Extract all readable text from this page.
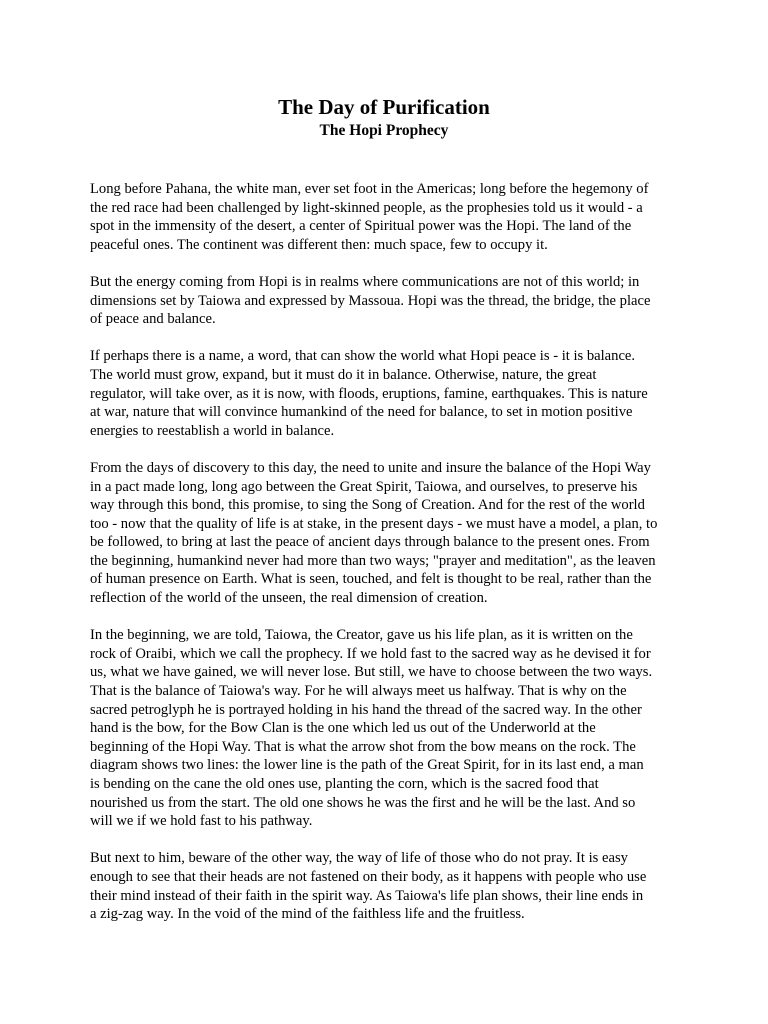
The Day of Purification
The Hopi Prophecy

Long before Pahana, the white man, ever set foot in the Americas; long before the hegemony of
the red race had been challenged by light-skinned people, as the prophesies told us it would - a
spot in the immensity of the desert, a center of Spiritual power was the Hopi. The land of the
peaceful ones. The continent was different then: much space, few to occupy it.

But the energy coming from Hopi is in realms where communications are not of this world; in
dimensions set by Taiowa and expressed by Massoua. Hopi was the thread, the bridge, the place
of peace and balance.

If perhaps there is a name, a word, that can show the world what Hopi peace is - it is balance.
The world must grow, expand, but it must do it in balance. Otherwise, nature, the great
regulator, will take over, as it is now, with floods, eruptions, famine, earthquakes. This is nature
at war, nature that will convince humankind of the need for balance, to set in motion positive
energies to reestablish a world in balance.

From the days of discovery to this day, the need to unite and insure the balance of the Hopi Way
in a pact made long, long ago between the Great Spirit, Taiowa, and ourselves, to preserve his
way through this bond, this promise, to sing the Song of Creation. And for the rest of the world
too - now that the quality of life is at stake, in the present days - we must have a model, a plan, to
be followed, to bring at last the peace of ancient days through balance to the present ones. From
the beginning, humankind never had more than two ways; "prayer and meditation", as the leaven
of human presence on Earth. What is seen, touched, and felt is thought to be real, rather than the
reflection of the world of the unseen, the real dimension of creation.

In the beginning, we are told, Taiowa, the Creator, gave us his life plan, as it is written on the
rock of Oraibi, which we call the prophecy. If we hold fast to the sacred way as he devised it for
us, what we have gained, we will never lose. But still, we have to choose between the two ways.
That is the balance of Taiowa's way. For he will always meet us halfway. That is why on the
sacred petroglyph he is portrayed holding in his hand the thread of the sacred way. In the other
hand is the bow, for the Bow Clan is the one which led us out of the Underworld at the
beginning of the Hopi Way. That is what the arrow shot from the bow means on the rock. The
diagram shows two lines: the lower line is the path of the Great Spirit, for in its last end, a man
is bending on the cane the old ones use, planting the corn, which is the sacred food that
nourished us from the start. The old one shows he was the first and he will be the last. And so
will we if we hold fast to his pathway.

But next to him, beware of the other way, the way of life of those who do not pray. It is easy
enough to see that their heads are not fastened on their body, as it happens with people who use
their mind instead of their faith in the spirit way. As Taiowa's life plan shows, their line ends in
a zig-zag way. In the void of the mind of the faithless life and the fruitless.
